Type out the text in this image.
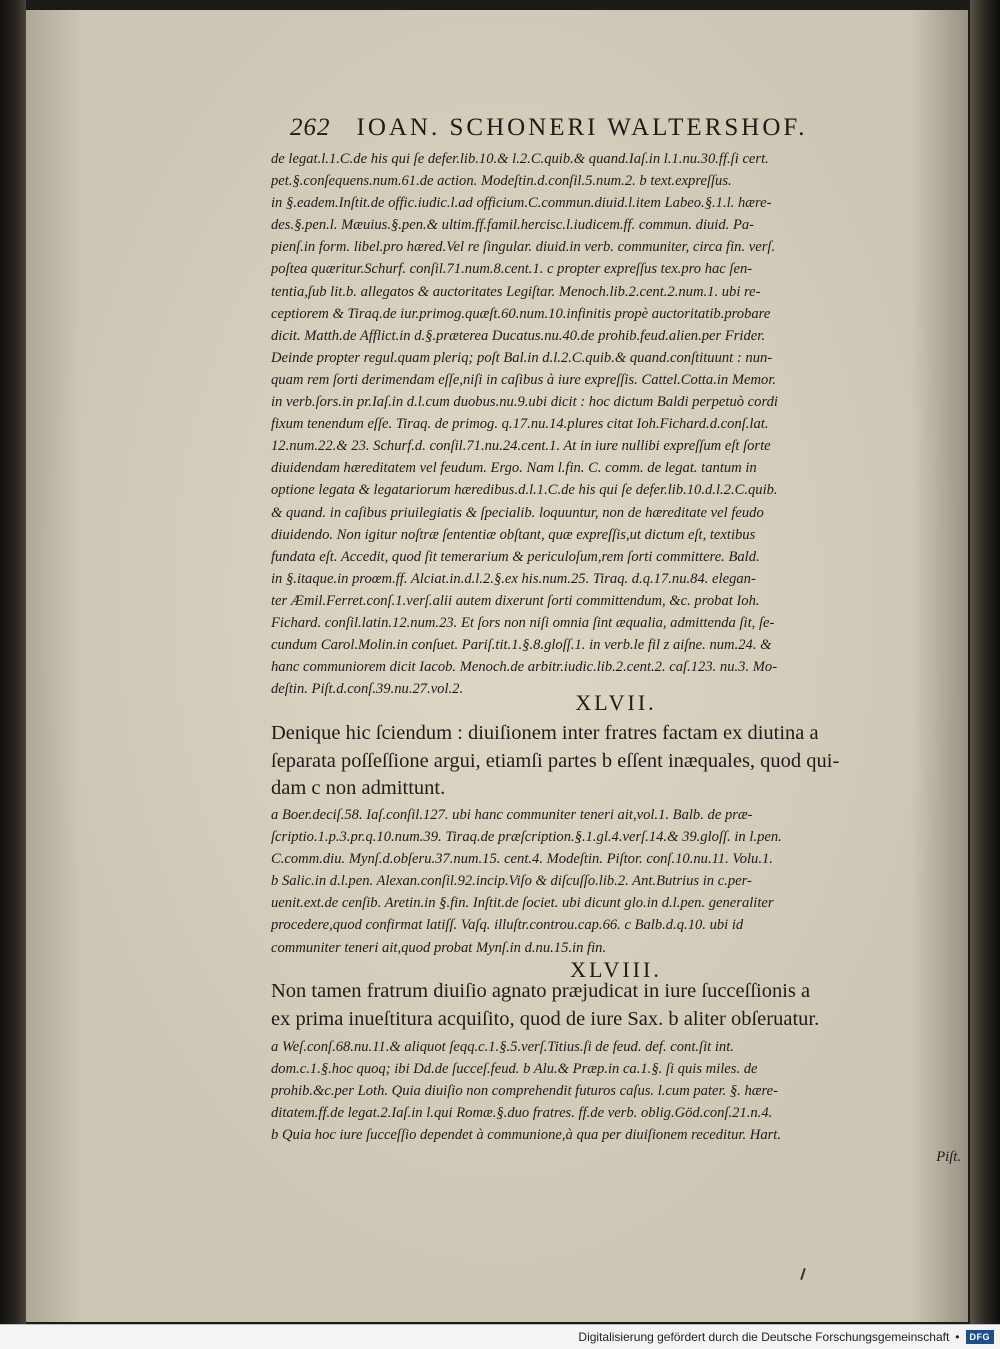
262 IOAN. SCHONERI WALTERSHOF.
de legat.l.1.C.de his qui ſe defer.lib.10.& l.2.C.quib.& quand.Iaſ.in l.1.nu.30.ff.ſi cert.
pet.§.conſequens.num.61.de action. Modeſtin.d.conſil.5.num.2. b text.expreſſus.
in §.eadem.Inſtit.de offic.iudic.l.ad officium.C.commun.diuid.l.item Labeo.§.1.l. hære-
des.§.pen.l. Mæuius.§.pen.& ultim.ff.famil.hercisc.l.iudicem.ff. commun. diuid. Pa-
pienſ.in form. libel.pro hæred.Vel re ſingular. diuid.in verb. communiter, circa fin. verſ.
poſtea quæritur.Schurf. conſil.71.num.8.cent.1. c propter expreſſus tex.pro hac ſen-
tentia,ſub lit.b. allegatos & auctoritates Legiſtar. Menoch.lib.2.cent.2.num.1. ubi re-
ceptiorem & Tiraq.de iur.primog.quæſt.60.num.10.infinitis propè auctoritatib.probare
dicit. Matth.de Afflict.in d.§.præterea Ducatus.nu.40.de prohib.feud.alien.per Frider.
Deinde propter regul.quam pleriq; poſt Bal.in d.l.2.C.quib.& quand.conſtituunt : nun-
quam rem ſorti derimendam eſſe,niſi in caſibus à iure expreſſis. Cattel.Cotta.in Memor.
in verb.ſors.in pr.Iaſ.in d.l.cum duobus.nu.9.ubi dicit : hoc dictum Baldi perpetuò cordi
fixum tenendum eſſe. Tiraq. de primog. q.17.nu.14.plures citat Ioh.Fichard.d.conſ.lat.
12.num.22.& 23. Schurf.d. conſil.71.nu.24.cent.1. At in iure nullibi expreſſum eſt ſorte
diuidendam hæreditatem vel feudum. Ergo. Nam l.fin. C. comm. de legat. tantum in
optione legata & legatariorum hæredibus.d.l.1.C.de his qui ſe defer.lib.10.d.l.2.C.quib.
& quand. in caſibus priuilegiatis & ſpecialib. loquuntur, non de hæreditate vel feudo
diuidendo. Non igitur noſtræ ſententiæ obſtant, quæ expreſſis,ut dictum eſt, textibus
fundata eſt. Accedit, quod ſit temerarium & periculoſum,rem ſorti committere. Bald.
in §.itaque.in proœm.ff. Alciat.in.d.l.2.§.ex his.num.25. Tiraq. d.q.17.nu.84. elegan-
ter Æmil.Ferret.conſ.1.verſ.alii autem dixerunt ſorti committendum, &c. probat Ioh.
Fichard. conſil.latin.12.num.23. Et ſors non niſi omnia ſint æqualia, admittenda ſit, ſe-
cundum Carol.Molin.in conſuet. Pariſ.tit.1.§.8.gloſſ.1. in verb.le fil z aiſne. num.24. &
hanc communiorem dicit Iacob. Menoch.de arbitr.iudic.lib.2.cent.2. caſ.123. nu.3. Mo-
deſtin. Piſt.d.conſ.39.nu.27.vol.2.
XLVII.
Denique hic ſciendum : diuiſionem inter fratres factam ex diutina a
ſeparata poſſeſſione argui, etiamſi partes b eſſent inæquales, quod qui-
dam c non admittunt.
a Boer.deciſ.58. Iaſ.conſil.127. ubi hanc communiter teneri ait,vol.1. Balb. de præ-
ſcriptio.1.p.3.pr.q.10.num.39. Tiraq.de præſcription.§.1.gl.4.verſ.14.& 39.gloſſ. in l.pen.
C.comm.diu. Mynſ.d.obſeru.37.num.15. cent.4. Modeſtin. Piſtor. conſ.10.nu.11. Volu.1.
b Salic.in d.l.pen. Alexan.conſil.92.incip.Viſo & diſcuſſo.lib.2. Ant.Butrius in c.per-
uenit.ext.de cenſib. Aretin.in §.fin. Inſtit.de ſociet. ubi dicunt glo.in d.l.pen. generaliter
procedere,quod confirmat latiſſ. Vaſq. illuſtr.controu.cap.66. c Balb.d.q.10. ubi id
communiter teneri ait,quod probat Mynſ.in d.nu.15.in fin.
XLVIII.
Non tamen fratrum diuiſio agnato præjudicat in iure ſucceſſionis a
ex prima inueſtitura acquiſito, quod de iure Sax. b aliter obſeruatur.
a Weſ.conſ.68.nu.11.& aliquot ſeqq.c.1.§.5.verſ.Titius.ſi de feud. def. cont.ſit int.
dom.c.1.§.hoc quoq; ibi Dd.de ſucceſ.feud. b Alu.& Præp.in ca.1.§. ſi quis miles. de
prohib.&c.per Loth. Quia diuiſio non comprehendit futuros caſus. l.cum pater. §. hære-
ditatem.ff.de legat.2.Iaſ.in l.qui Romæ.§.duo fratres. ff.de verb. oblig.Göd.conſ.21.n.4.
b Quia hoc iure ſucceſſio dependet à communione,à qua per diuiſionem receditur. Hart.
Piſt.
Digitalisierung gefördert durch die Deutsche Forschungsgemeinschaft •	DFG
